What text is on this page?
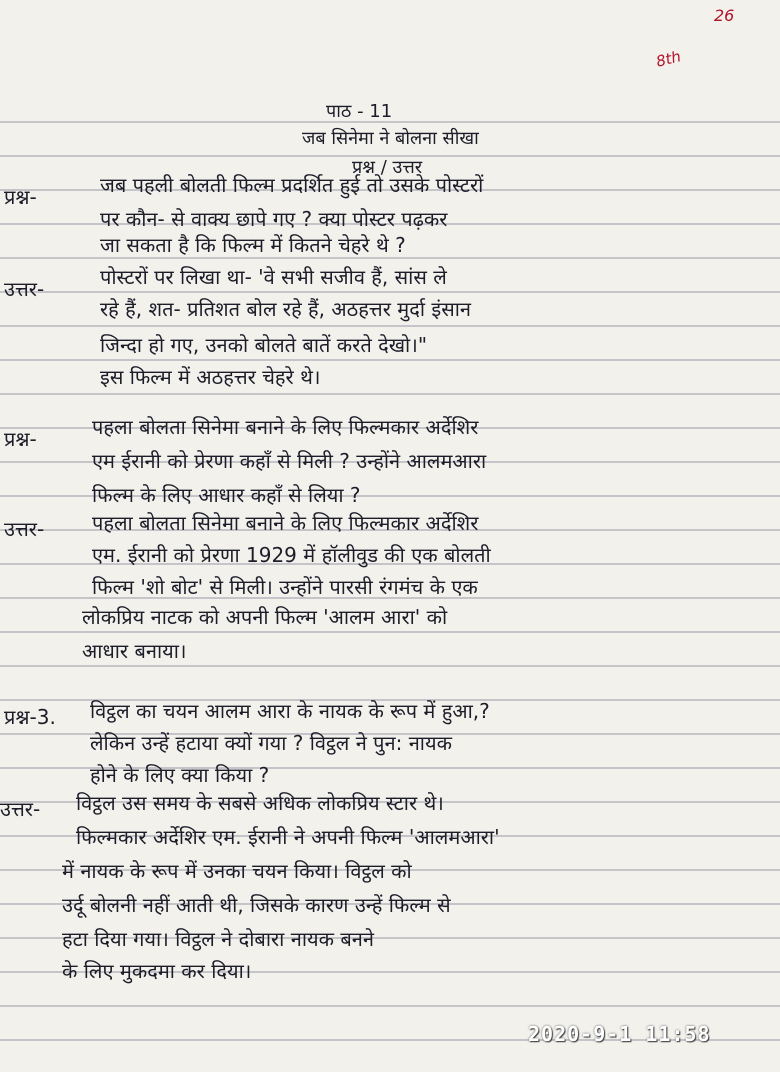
26
8th
पाठ - 11
जब सिनेमा ने बोलना सीखा
प्रश्न / उत्तर
प्रश्न-	जब पहली बोलती फिल्म प्रदर्शित हुई तो उसके पोस्टरों
पर कौन- से वाक्य छापे गए ? क्या पोस्टर पढ़कर
जा सकता है कि फिल्म में कितने चेहरे थे ?
उत्तर-	पोस्टरों पर लिखा था- 'वे सभी सजीव हैं, सांस ले
रहे हैं, शत- प्रतिशत बोल रहे हैं, अठहत्तर मुर्दा इंसान
जिन्दा हो गए, उनको बोलते बातें करते देखो।"
इस फिल्म में अठहत्तर चेहरे थे।
प्रश्न-	पहला बोलता सिनेमा बनाने के लिए फिल्मकार अर्देशिर
एम ईरानी को प्रेरणा कहाँ से मिली ? उन्होंने आलमआरा
फिल्म के लिए आधार कहाँ से लिया ?
उत्तर- पहला बोलता सिनेमा बनाने के लिए फिल्मकार अर्देशिर
एम. ईरानी को प्रेरणा 1929 में हॉलीवुड की एक बोलती
फिल्म 'शो बोट' से मिली। उन्होंने पारसी रंगमंच के एक
लोकप्रिय नाटक को अपनी फिल्म 'आलम आरा' को
आधार बनाया।
प्रश्न-3. विट्ठल का चयन आलम आरा के नायक के रूप में हुआ,?
लेकिन उन्हें हटाया क्यों गया ? विट्ठल ने पुन: नायक
होने के लिए क्या किया ?
उत्तर- विट्ठल उस समय के सबसे अधिक लोकप्रिय स्टार थे।
फिल्मकार अर्देशिर एम. ईरानी ने अपनी फिल्म 'आलमआरा'
में नायक के रूप में उनका चयन किया। विट्ठल को
उर्दू बोलनी नहीं आती थी, जिसके कारण उन्हें फिल्म से
हटा दिया गया। विट्ठल ने दोबारा नायक बनने
के लिए मुकदमा कर दिया।
2020-9-1 11:58
